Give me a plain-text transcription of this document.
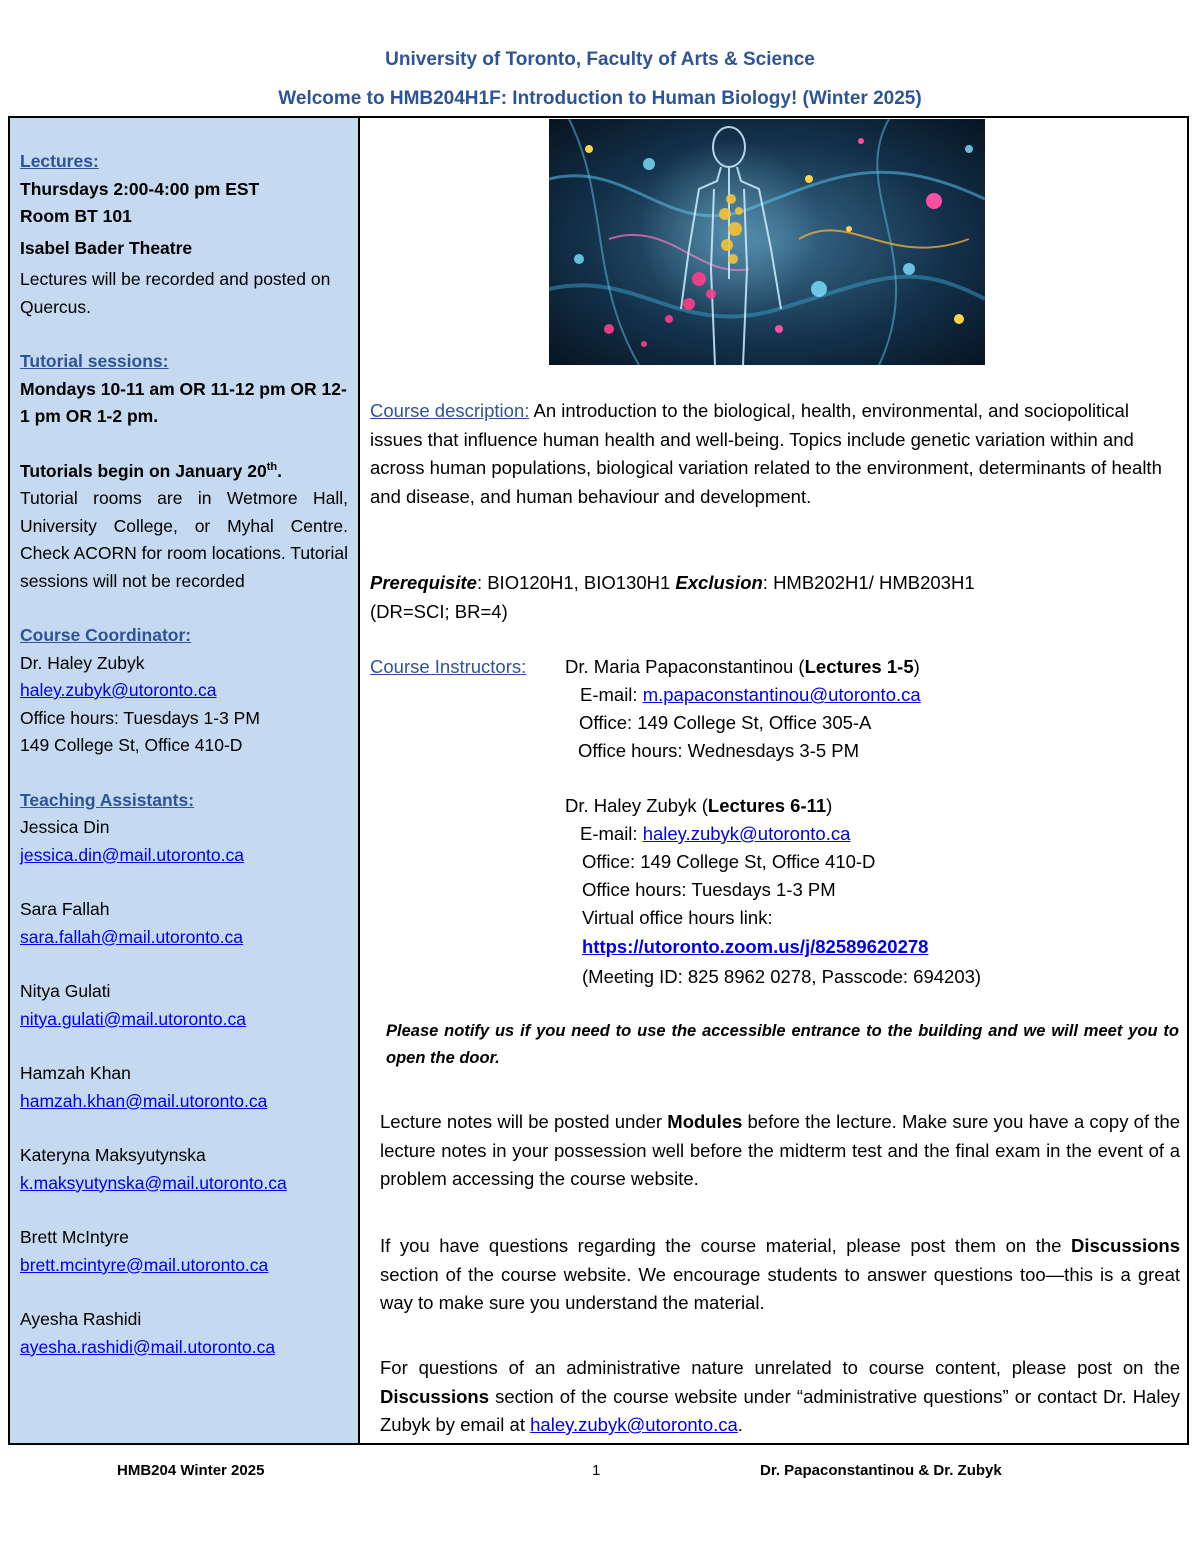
University of Toronto, Faculty of Arts & Science
Welcome to HMB204H1F: Introduction to Human Biology! (Winter 2025)
Lectures:
Thursdays 2:00-4:00 pm EST
Room BT 101
Isabel Bader Theatre
Lectures will be recorded and posted on Quercus.
Tutorial sessions:
Mondays 10-11 am OR 11-12 pm OR 12-1 pm OR 1-2 pm.
Tutorials begin on January 20th.
Tutorial rooms are in Wetmore Hall, University College, or Myhal Centre. Check ACORN for room locations. Tutorial sessions will not be recorded
Course Coordinator:
Dr. Haley Zubyk
haley.zubyk@utoronto.ca
Office hours: Tuesdays 1-3 PM
149 College St, Office 410-D
Teaching Assistants:
Jessica Din
jessica.din@mail.utoronto.ca
Sara Fallah
sara.fallah@mail.utoronto.ca
Nitya Gulati
nitya.gulati@mail.utoronto.ca
Hamzah Khan
hamzah.khan@mail.utoronto.ca
Kateryna Maksyutynska
k.maksyutynska@mail.utoronto.ca
Brett McIntyre
brett.mcintyre@mail.utoronto.ca
Ayesha Rashidi
ayesha.rashidi@mail.utoronto.ca
Course description: An introduction to the biological, health, environmental, and sociopolitical issues that influence human health and well-being. Topics include genetic variation within and across human populations, biological variation related to the environment, determinants of health and disease, and human behaviour and development.
Prerequisite: BIO120H1, BIO130H1 Exclusion: HMB202H1/ HMB203H1
(DR=SCI; BR=4)
Course Instructors: Dr. Maria Papaconstantinou (Lectures 1-5)
E-mail: m.papaconstantinou@utoronto.ca
Office: 149 College St, Office 305-A
Office hours: Wednesdays 3-5 PM
Dr. Haley Zubyk (Lectures 6-11)
E-mail: haley.zubyk@utoronto.ca
Office: 149 College St, Office 410-D
Office hours: Tuesdays 1-3 PM
Virtual office hours link:
https://utoronto.zoom.us/j/82589620278
(Meeting ID: 825 8962 0278, Passcode: 694203)
Please notify us if you need to use the accessible entrance to the building and we will meet you to open the door.
Lecture notes will be posted under Modules before the lecture. Make sure you have a copy of the lecture notes in your possession well before the midterm test and the final exam in the event of a problem accessing the course website.
If you have questions regarding the course material, please post them on the Discussions section of the course website. We encourage students to answer questions too—this is a great way to make sure you understand the material.
For questions of an administrative nature unrelated to course content, please post on the Discussions section of the course website under “administrative questions” or contact Dr. Haley Zubyk by email at haley.zubyk@utoronto.ca.
HMB204 Winter 2025	1	Dr. Papaconstantinou & Dr. Zubyk
